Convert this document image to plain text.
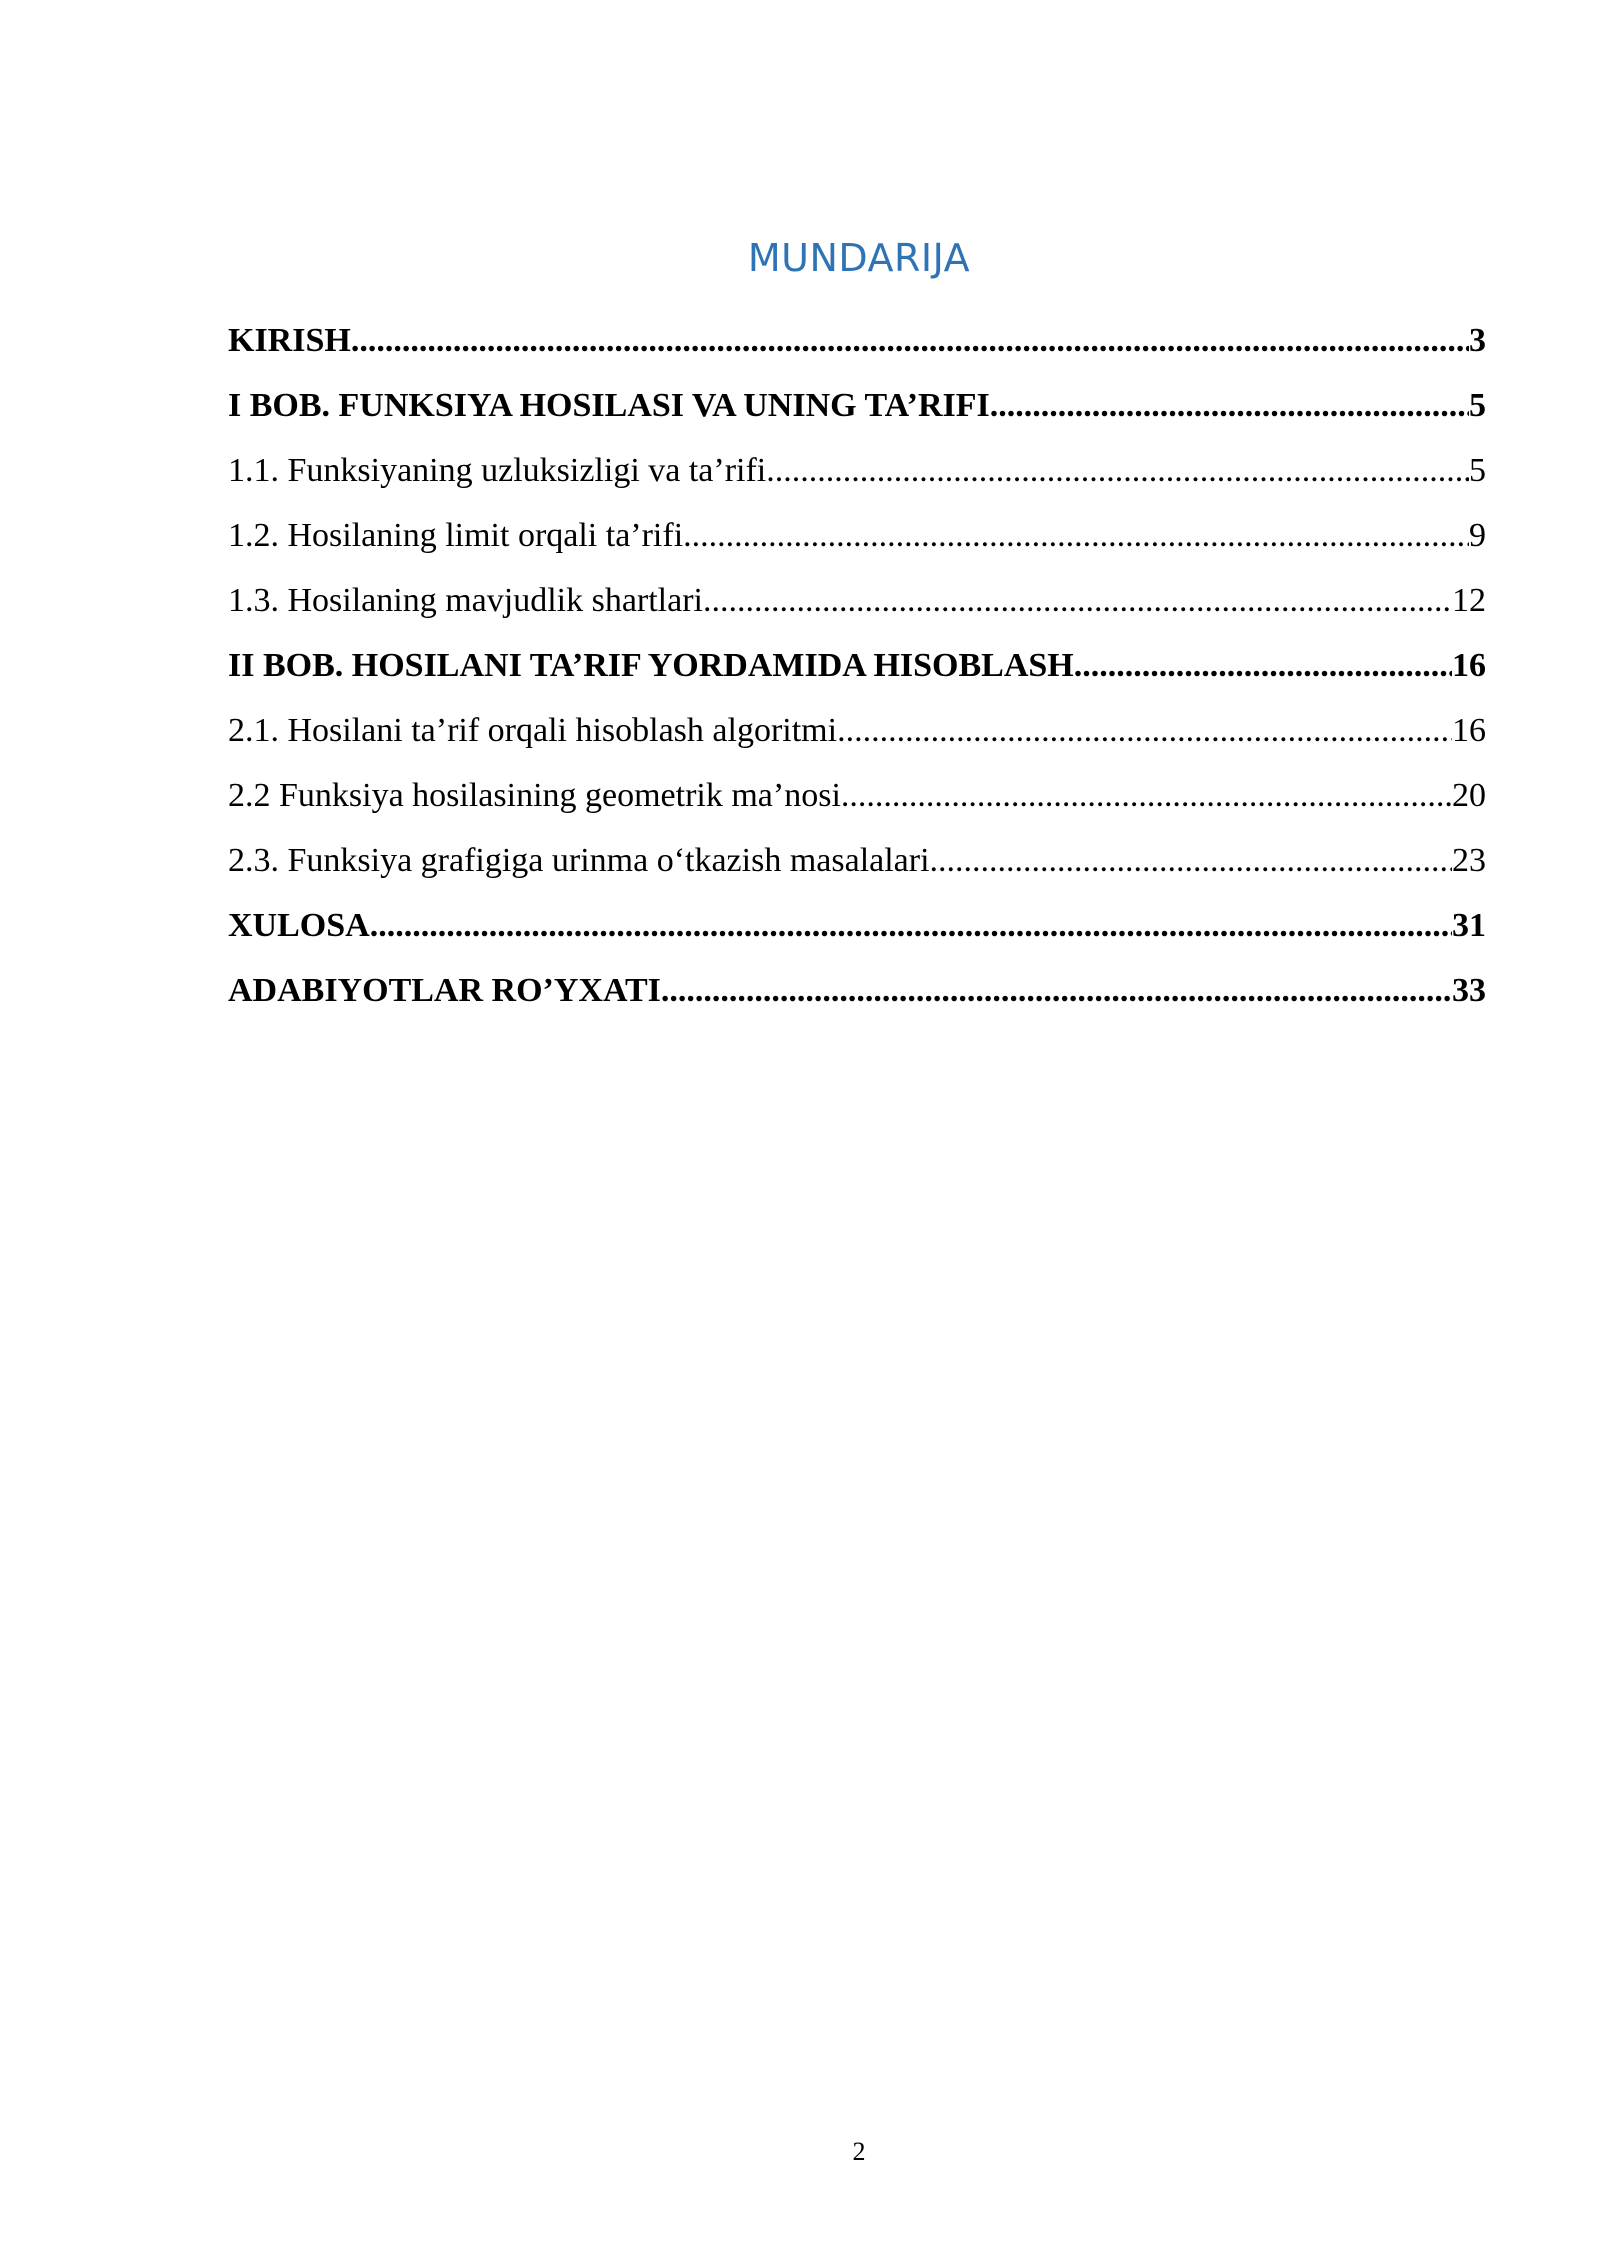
MUNDARIJA
KIRISH .....	3
I BOB. FUNKSIYA HOSILASI VA UNING TA’RIFI .....	5
1.1. Funksiyaning uzluksizligi va ta’rifi .....	5
1.2. Hosilaning limit orqali ta’rifi .....	9
1.3. Hosilaning mavjudlik shartlari .....	12
II BOB. HOSILANI TA’RIF YORDAMIDA HISOBLASH .....	16
2.1. Hosilani ta’rif orqali hisoblash algoritmi .....	16
2.2 Funksiya hosilasining geometrik ma’nosi .....	20
2.3. Funksiya grafigiga urinma o‘tkazish masalalari .....	23
XULOSA .....	31
ADABIYOTLAR RO’YXATI .....	33
2
